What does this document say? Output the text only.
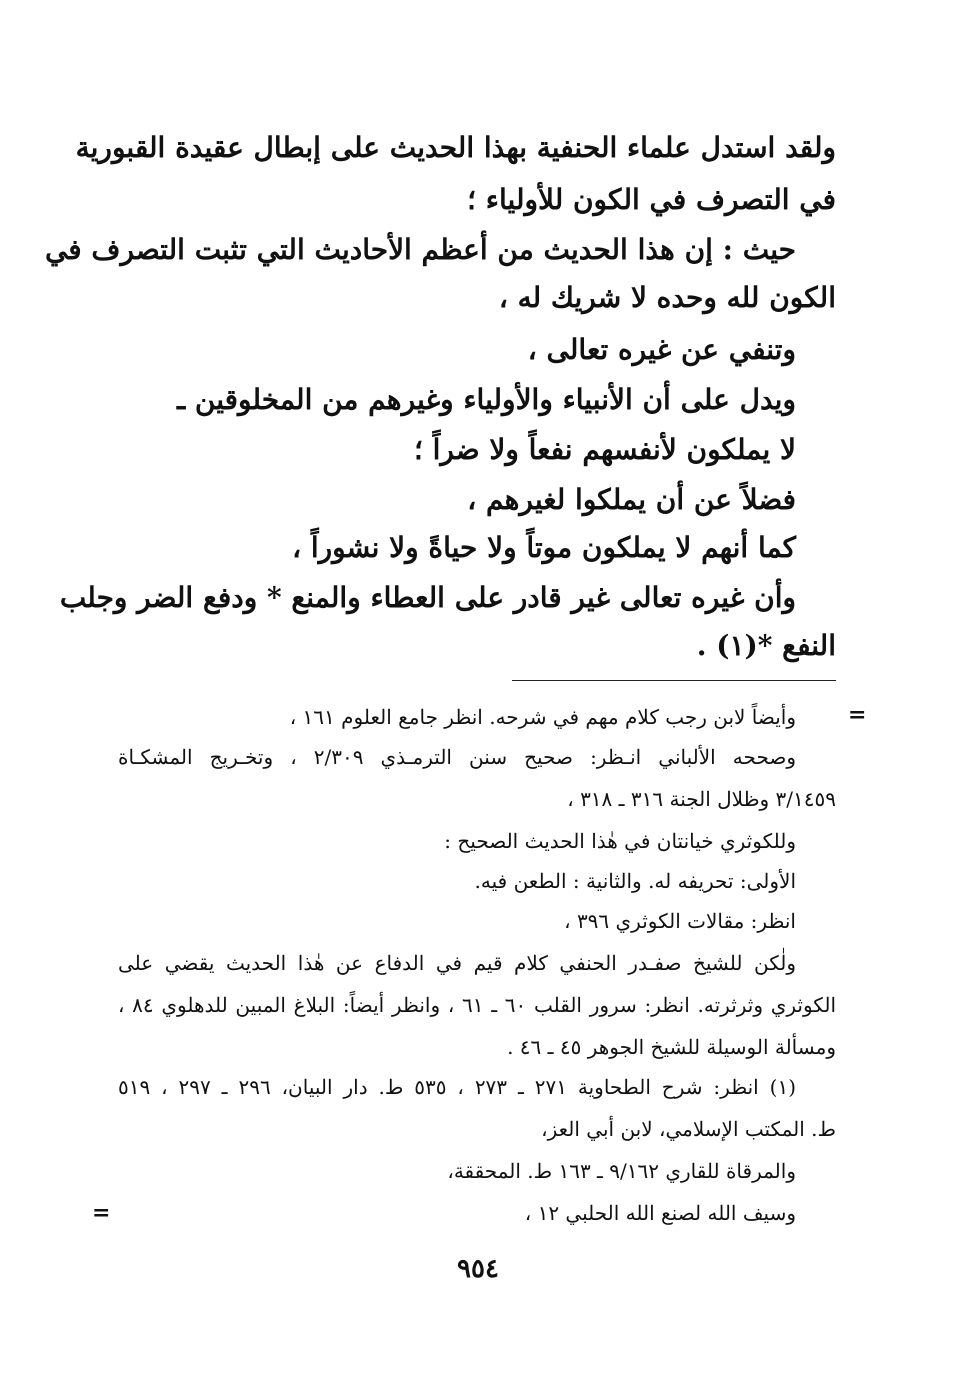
ولقد استدل علماء الحنفية بهذا الحديث على إبطال عقيدة القبورية
في التصرف في الكون للأولياء ؛
حيث : إن هذا الحديث من أعظم الأحاديث التي تثبت التصرف في
الكون لله وحده لا شريك له ،
وتنفي عن غيره تعالى ،
ويدل على أن الأنبياء والأولياء وغيرهم من المخلوقين ـ
لا يملكون لأنفسهم نفعاً ولا ضراً ؛
فضلاً عن أن يملكوا لغيرهم ،
كما أنهم لا يملكون موتاً ولا حياةً ولا نشوراً ،
وأن غيره تعالى غير قادر على العطاء والمنع * ودفع الضر وجلب
النفع *(١) .
وأيضاً لابن رجب كلام مهم في شرحه. انظر جامع العلوم ١٦١ ،
وصححه الألباني انـظر: صحيح سنن الترمـذي ٢/٣٠٩ ، وتخـريج المشكـاة
٣/١٤٥٩ وظلال الجنة ٣١٦ ـ ٣١٨ ،
وللكوثري خيانتان في هٰذا الحديث الصحيح :
الأولى: تحريفه له. والثانية : الطعن فيه.
انظر: مقالات الكوثري ٣٩٦ ،
ولٰكن للشيخ صفـدر الحنفي كلام قيم في الدفاع عن هٰذا الحديث يقضي على
الكوثري وثرثرته. انظر: سرور القلب ٦٠ ـ ٦١ ، وانظر أيضاً: البلاغ المبين للدهلوي ٨٤ ،
ومسألة الوسيلة للشيخ الجوهر ٤٥ ـ ٤٦ .
(١) انظر: شرح الطحاوية ٢٧١ ـ ٢٧٣ ، ٥٣٥ ط. دار البيان، ٢٩٦ ـ ٢٩٧ ، ٥١٩
ط. المكتب الإسلامي، لابن أبي العز،
والمرقاة للقاري ٩/١٦٢ ـ ١٦٣ ط. المحققة،
وسيف الله لصنع الله الحلبي ١٢ ،
=
=
٩٥٤
